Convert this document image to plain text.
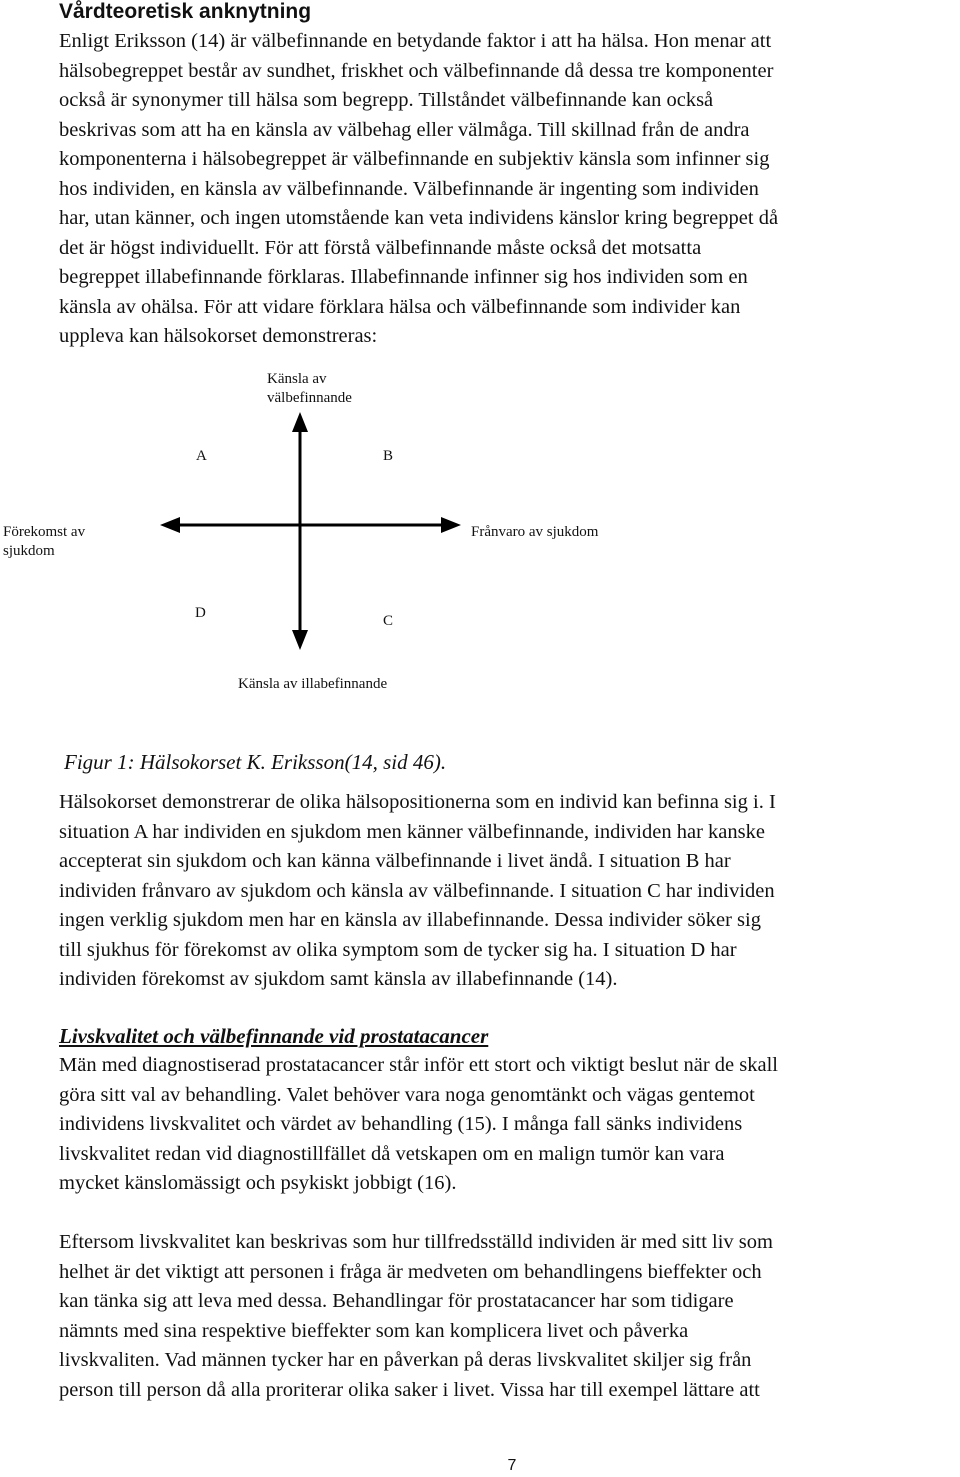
Vårdteoretisk anknytning

Enligt Eriksson (14) är välbefinnande en betydande faktor i att ha hälsa. Hon menar att
hälsobegreppet består av sundhet, friskhet och välbefinnande då dessa tre komponenter
också är synonymer till hälsa som begrepp. Tillståndet välbefinnande kan också
beskrivas som att ha en känsla av välbehag eller välmåga. Till skillnad från de andra
komponenterna i hälsobegreppet är välbefinnande en subjektiv känsla som infinner sig
hos individen, en känsla av välbefinnande. Välbefinnande är ingenting som individen
har, utan känner, och ingen utomstående kan veta individens känslor kring begreppet då
det är högst individuellt. För att förstå välbefinnande måste också det motsatta
begreppet illabefinnande förklaras. Illabefinnande infinner sig hos individen som en
känsla av ohälsa. För att vidare förklara hälsa och välbefinnande som individer kan
uppleva kan hälsokorset demonstreras:

Känsla av
välbefinnande
A	B
Förekomst av
sjukdom
Frånvaro av sjukdom
D	C
Känsla av illabefinnande

Figur 1: Hälsokorset K. Eriksson(14, sid 46).

Hälsokorset demonstrerar de olika hälsopositionerna som en individ kan befinna sig i. I
situation A har individen en sjukdom men känner välbefinnande, individen har kanske
accepterat sin sjukdom och kan känna välbefinnande i livet ändå. I situation B har
individen frånvaro av sjukdom och känsla av välbefinnande. I situation C har individen
ingen verklig sjukdom men har en känsla av illabefinnande. Dessa individer söker sig
till sjukhus för förekomst av olika symptom som de tycker sig ha. I situation D har
individen förekomst av sjukdom samt känsla av illabefinnande (14).

Livskvalitet och välbefinnande vid prostatacancer

Män med diagnostiserad prostatacancer står inför ett stort och viktigt beslut när de skall
göra sitt val av behandling. Valet behöver vara noga genomtänkt och vägas gentemot
individens livskvalitet och värdet av behandling (15). I många fall sänks individens
livskvalitet redan vid diagnostillfället då vetskapen om en malign tumör kan vara
mycket känslomässigt och psykiskt jobbigt (16).

Eftersom livskvalitet kan beskrivas som hur tillfredsställd individen är med sitt liv som
helhet är det viktigt att personen i fråga är medveten om behandlingens bieffekter och
kan tänka sig att leva med dessa. Behandlingar för prostatacancer har som tidigare
nämnts med sina respektive bieffekter som kan komplicera livet och påverka
livskvaliten. Vad männen tycker har en påverkan på deras livskvalitet skiljer sig från
person till person då alla proriterar olika saker i livet. Vissa har till exempel lättare att

7
